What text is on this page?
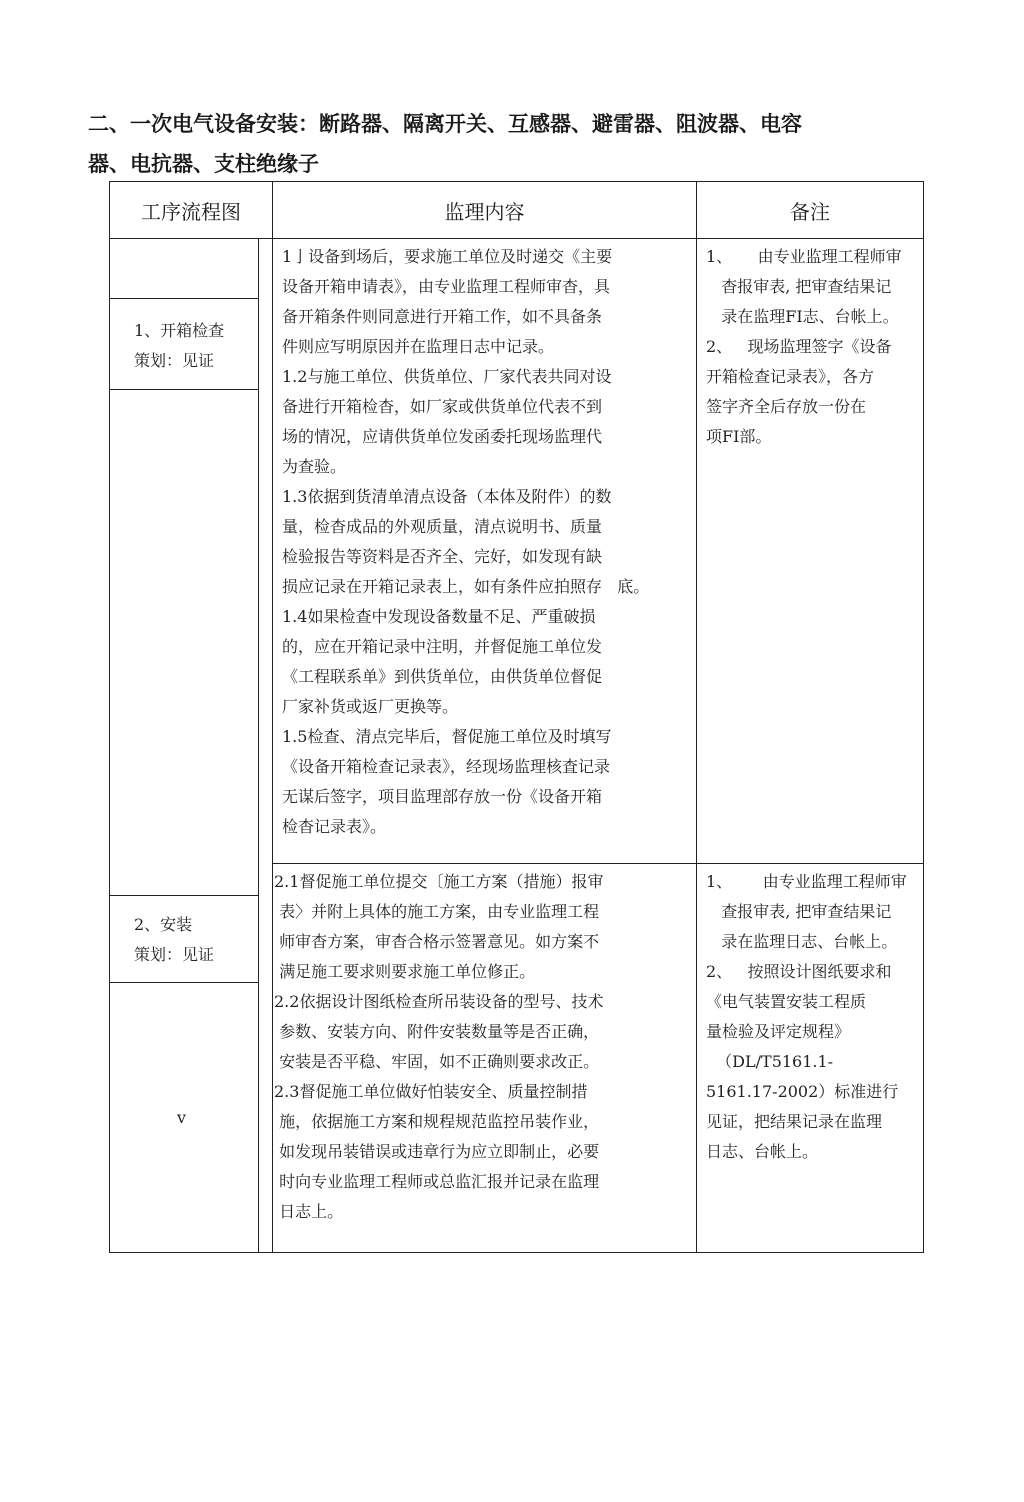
二、一次电气设备安装：断路器、隔离开关、互感器、避雷器、阻波器、电容
器、电抗器、支柱绝缘子
工序流程图	监理内容	备注
1、开箱检查
策划：见证
2、安装
策划：见证
v
1亅设备到场后，要求施工单位及时递交《主要
设备开箱申请表》，由专业监理工程师审杳，具
备开箱条件则同意进行开箱工作，如不具备条
件则应写明原因并在监理日志中记录。
1.2与施工单位、供货单位、厂家代表共同对设
备进行开箱检杳，如厂家或供货单位代表不到
场的情况，应请供货单位发函委托现场监理代
为查验。
1.3依据到货清单清点设备（本体及附件）的数
量，检杳成品的外观质量，清点说明书、质量
检验报告等资料是否齐全、完好，如发现有缺
损应记录在开箱记录表上，如有条件应拍照存   底。
1.4如果检查中发现设备数量不足、严重破损
的，应在开箱记录中注明，并督促施工单位发
《工程联系单》到供货单位，由供货单位督促
厂家补货或返厂更换等。
1.5检查、清点完毕后，督促施工单位及时填写
《设备开箱检查记录表》，经现场监理核査记录
无谋后签字，项目监理部存放一份《设备开箱
检杳记录表》。
1、     由专业监理工程师审
杳报审表, 把审查结果记
录在监理FI志、台帐上。
2、   现场监理签字《设备
开箱检查记录表》，各方
签字齐全后存放一份在
项FI部。
2.1督促施工单位提交〔施工方案（措施）报审
表〉并附上具体的施工方案，由专业监理工程
师审杳方案，审杳合格示签署意见。如方案不
满足施工要求则要求施工单位修正。
2.2依据设计图纸检查所吊装设备的型号、技术
参数、安装方向、附件安装数量等是否正确，
安装是否平稳、牢固，如不正确则要求改正。
2.3督促施工单位做好怕装安全、质量控制措
施，依据施工方案和规程规范监控吊装作业，
如发现吊装错误或违章行为应立即制止，必要
时向专业监理工程师或总监汇报并记录在监理
日志上。
1、      由专业监理工程师审
查报审表, 把审查结果记
录在监理日志、台帐上。
2、   按照设计图纸要求和
《电气装置安装工程质
量检验及评定规程》
（DL/T5161.1-
5161.17-2002）标准进行
见证，把结果记录在监理
日志、台帐上。
